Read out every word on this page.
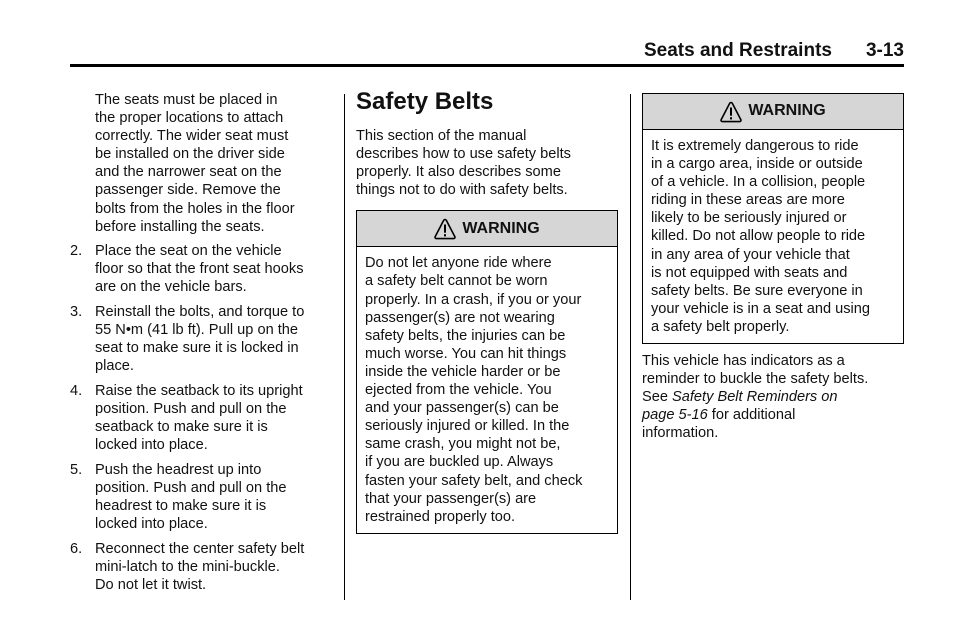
Seats and Restraints 3-13
The seats must be placed in
the proper locations to attach
correctly. The wider seat must
be installed on the driver side
and the narrower seat on the
passenger side. Remove the
bolts from the holes in the floor
before installing the seats.
2. Place the seat on the vehicle
floor so that the front seat hooks
are on the vehicle bars.
3. Reinstall the bolts, and torque to
55 N•m (41 lb ft). Pull up on the
seat to make sure it is locked in
place.
4. Raise the seatback to its upright
position. Push and pull on the
seatback to make sure it is
locked into place.
5. Push the headrest up into
position. Push and pull on the
headrest to make sure it is
locked into place.
6. Reconnect the center safety belt
mini-latch to the mini-buckle.
Do not let it twist.
Safety Belts

This section of the manual
describes how to use safety belts
properly. It also describes some
things not to do with safety belts.

WARNING
Do not let anyone ride where
a safety belt cannot be worn
properly. In a crash, if you or your
passenger(s) are not wearing
safety belts, the injuries can be
much worse. You can hit things
inside the vehicle harder or be
ejected from the vehicle. You
and your passenger(s) can be
seriously injured or killed. In the
same crash, you might not be,
if you are buckled up. Always
fasten your safety belt, and check
that your passenger(s) are
restrained properly too.
WARNING
It is extremely dangerous to ride
in a cargo area, inside or outside
of a vehicle. In a collision, people
riding in these areas are more
likely to be seriously injured or
killed. Do not allow people to ride
in any area of your vehicle that
is not equipped with seats and
safety belts. Be sure everyone in
your vehicle is in a seat and using
a safety belt properly.

This vehicle has indicators as a
reminder to buckle the safety belts.
See Safety Belt Reminders on
page 5-16 for additional
information.
